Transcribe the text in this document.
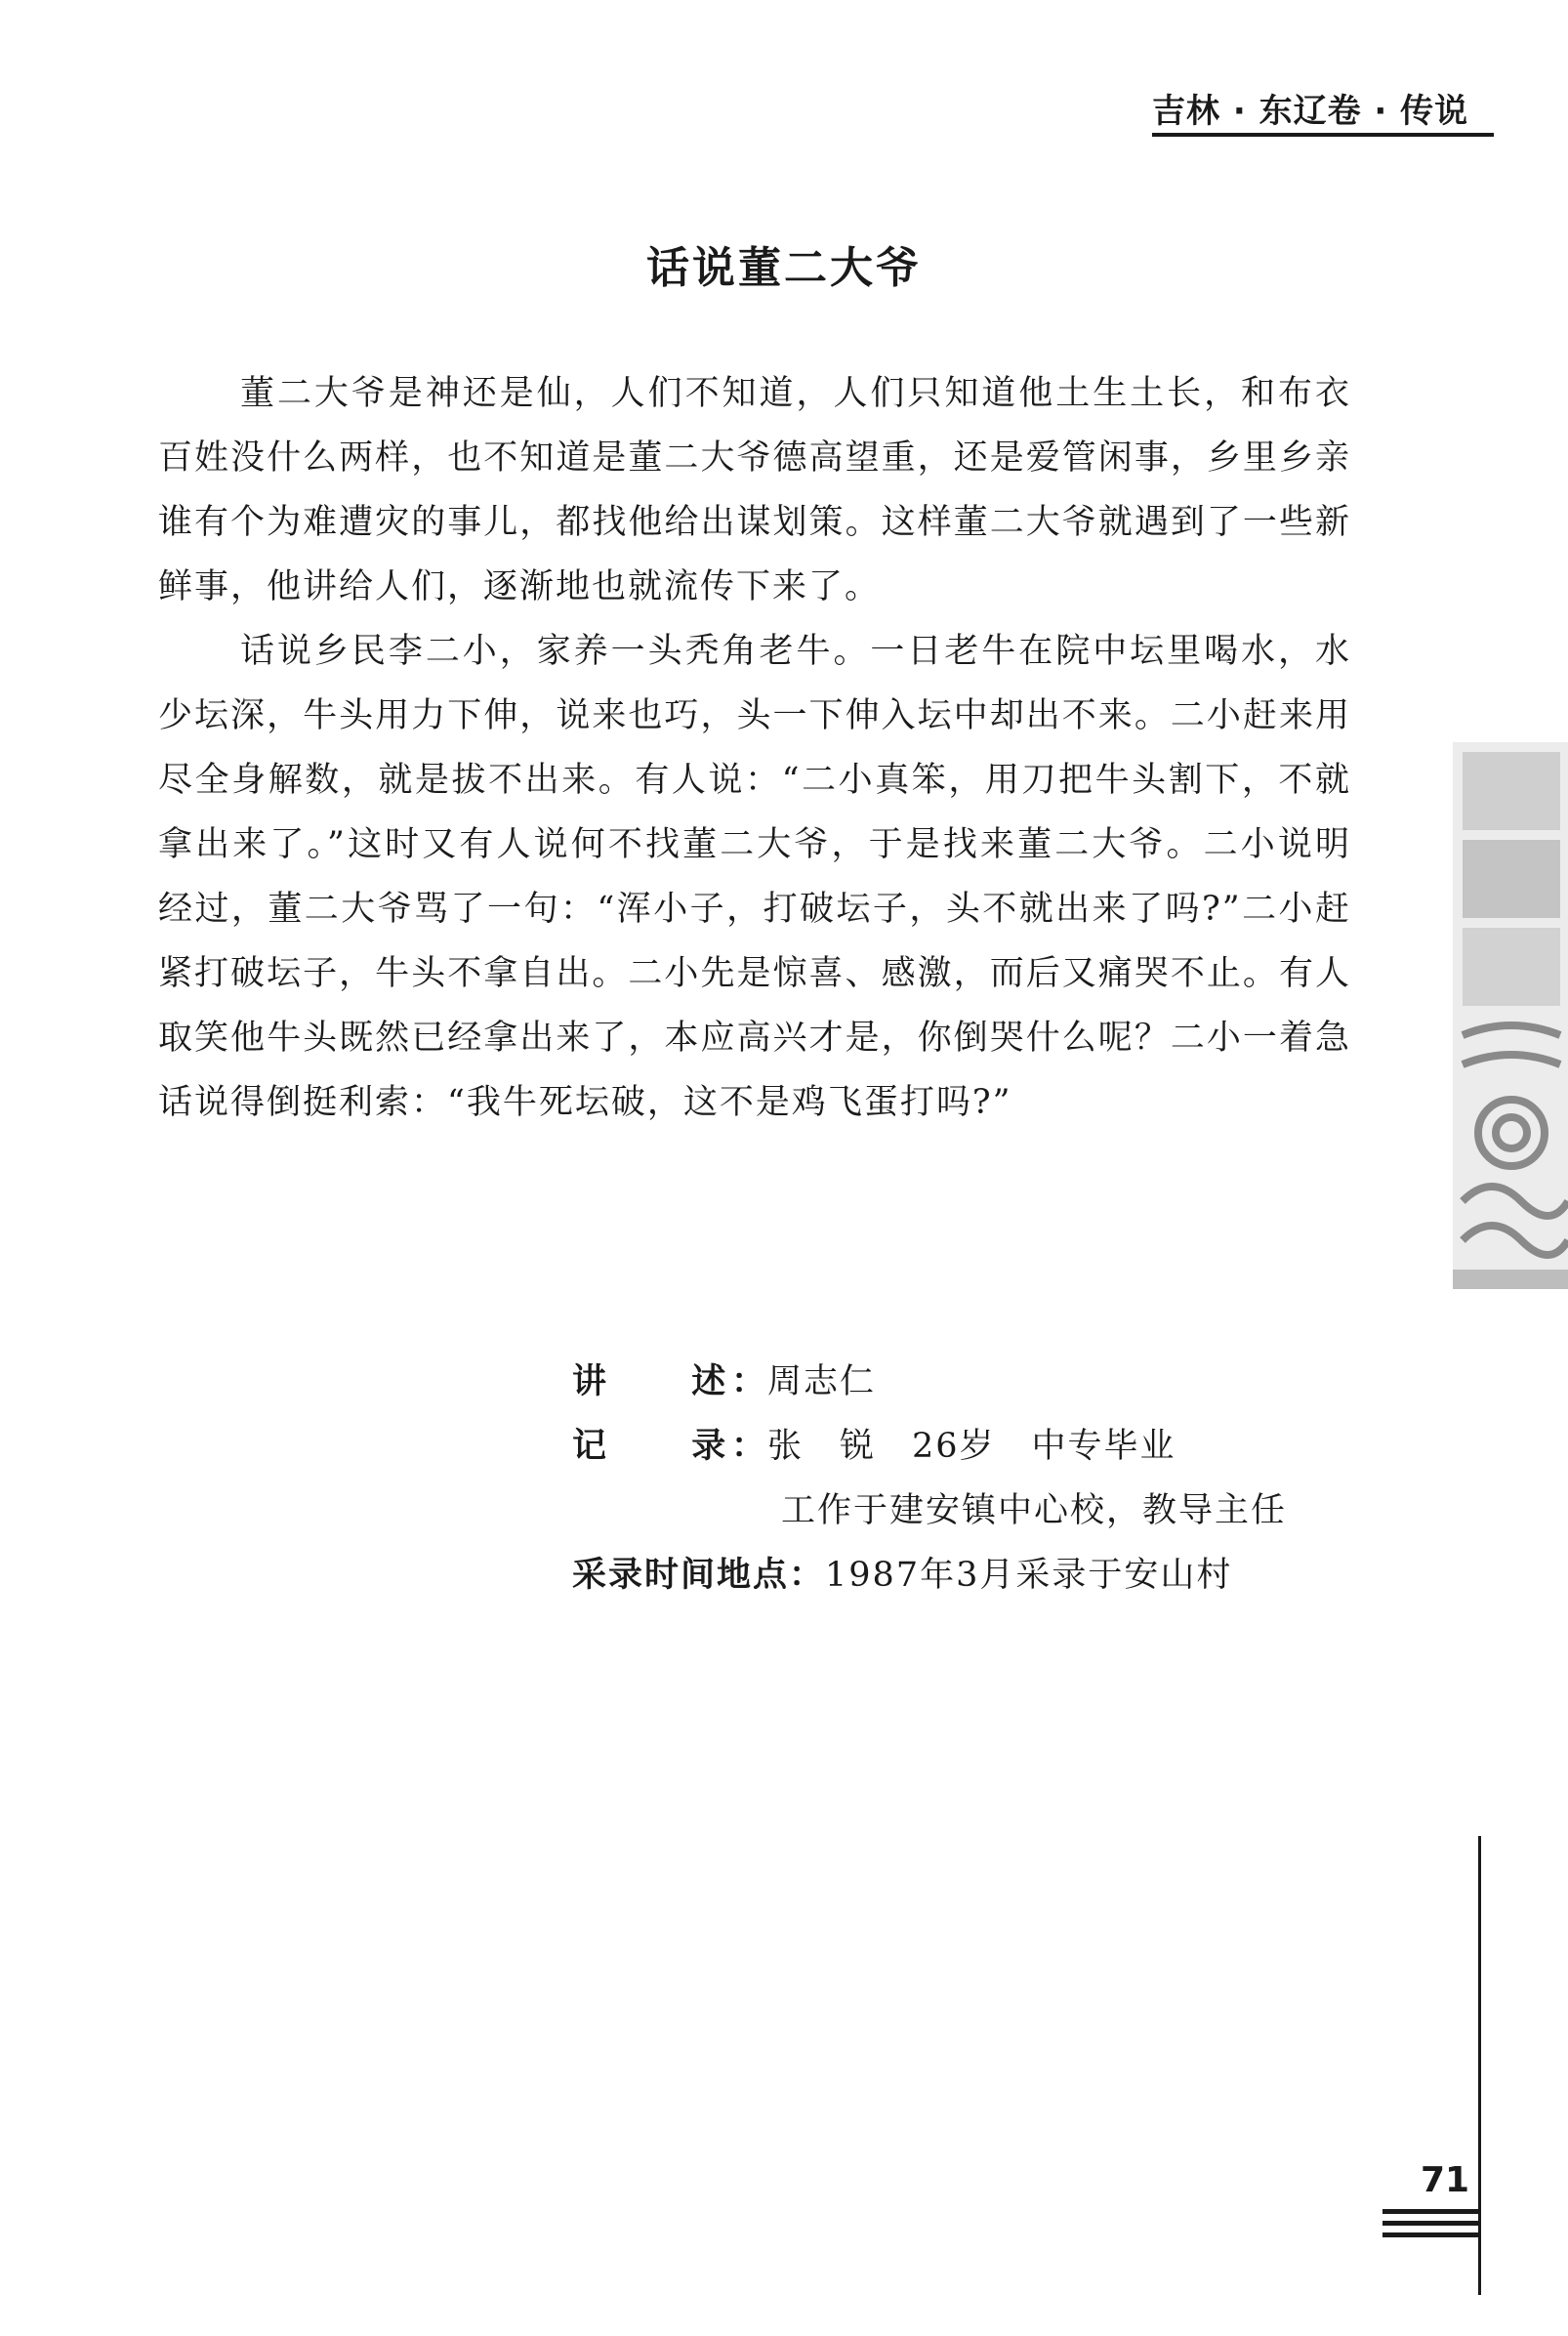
吉林 · 东辽卷 · 传说
话说董二大爷

董二大爷是神还是仙，人们不知道，人们只知道他土生土长，和布衣百姓没什么两样，也不知道是董二大爷德高望重，还是爱管闲事，乡里乡亲谁有个为难遭灾的事儿，都找他给出谋划策。这样董二大爷就遇到了一些新鲜事，他讲给人们，逐渐地也就流传下来了。

话说乡民李二小，家养一头秃角老牛。一日老牛在院中坛里喝水，水少坛深，牛头用力下伸，说来也巧，头一下伸入坛中却出不来。二小赶来用尽全身解数，就是拔不出来。有人说：“二小真笨，用刀把牛头割下，不就拿出来了。”这时又有人说何不找董二大爷，于是找来董二大爷。二小说明经过，董二大爷骂了一句：“浑小子，打破坛子，头不就出来了吗?”二小赶紧打破坛子，牛头不拿自出。二小先是惊喜、感激，而后又痛哭不止。有人取笑他牛头既然已经拿出来了，本应高兴才是，你倒哭什么呢？二小一着急话说得倒挺利索：“我牛死坛破，这不是鸡飞蛋打吗?”

讲　　述：周志仁
记　　录：张　锐　26岁　中专毕业
工作于建安镇中心校，教导主任
采录时间地点：1987年3月采录于安山村
71
